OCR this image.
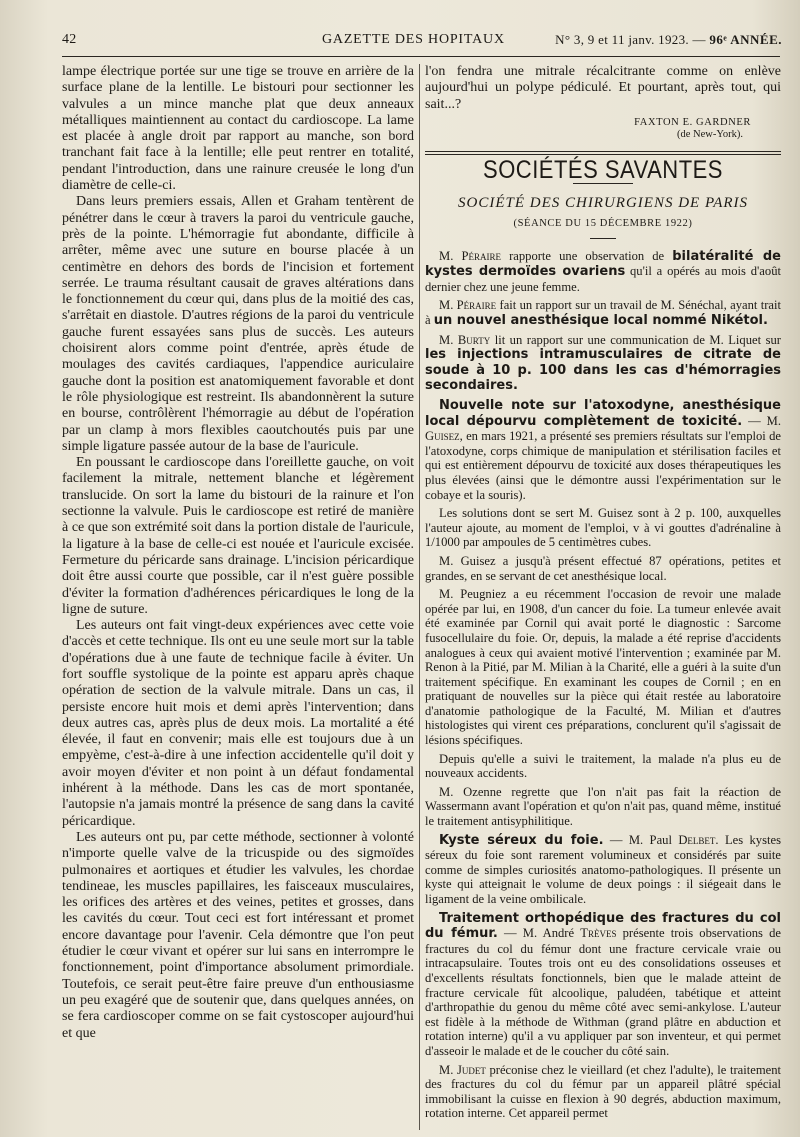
42	GAZETTE DES HOPITAUX	N° 3, 9 et 11 janv. 1923. — 96ᵉ ANNÉE.

lampe électrique portée sur une tige se trouve en arrière de la surface plane de la lentille. Le bistouri pour sectionner les valvules a un mince manche plat que deux anneaux métalliques maintiennent au contact du cardioscope. La lame est placée à angle droit par rapport au manche, son bord tranchant fait face à la lentille; elle peut rentrer en totalité, pendant l'introduction, dans une rainure creusée le long d'un diamètre de celle-ci.

Dans leurs premiers essais, Allen et Graham tentèrent de pénétrer dans le cœur à travers la paroi du ventricule gauche, près de la pointe. L'hémorragie fut abondante, difficile à arrêter, même avec une suture en bourse placée à un centimètre en dehors des bords de l'incision et fortement serrée. Le trauma résultant causait de graves altérations dans le fonctionnement du cœur qui, dans plus de la moitié des cas, s'arrêtait en diastole. D'autres régions de la paroi du ventricule gauche furent essayées sans plus de succès. Les auteurs choisirent alors comme point d'entrée, après étude de moulages des cavités cardiaques, l'appendice auriculaire gauche dont la position est anatomiquement favorable et dont le rôle physiologique est restreint. Ils abandonnèrent la suture en bourse, contrôlèrent l'hémorragie au début de l'opération par un clamp à mors flexibles caoutchoutés puis par une simple ligature passée autour de la base de l'auricule.

En poussant le cardioscope dans l'oreillette gauche, on voit facilement la mitrale, nettement blanche et légèrement translucide. On sort la lame du bistouri de la rainure et l'on sectionne la valvule. Puis le cardioscope est retiré de manière à ce que son extrémité soit dans la portion distale de l'auricule, la ligature à la base de celle-ci est nouée et l'auricule excisée. Fermeture du péricarde sans drainage. L'incision péricardique doit être aussi courte que possible, car il n'est guère possible d'éviter la formation d'adhérences péricardiques le long de la ligne de suture.

Les auteurs ont fait vingt-deux expériences avec cette voie d'accès et cette technique. Ils ont eu une seule mort sur la table d'opérations due à une faute de technique facile à éviter. Un fort souffle systolique de la pointe est apparu après chaque opération de section de la valvule mitrale. Dans un cas, il persiste encore huit mois et demi après l'intervention; dans deux autres cas, après plus de deux mois. La mortalité a été élevée, il faut en convenir; mais elle est toujours due à un empyème, c'est-à-dire à une infection accidentelle qu'il doit y avoir moyen d'éviter et non point à un défaut fondamental inhérent à la méthode. Dans les cas de mort spontanée, l'autopsie n'a jamais montré la présence de sang dans la cavité péricardique.

Les auteurs ont pu, par cette méthode, sectionner à volonté n'importe quelle valve de la tricuspide ou des sigmoïdes pulmonaires et aortiques et étudier les valvules, les chordae tendineae, les muscles papillaires, les faisceaux musculaires, les orifices des artères et des veines, petites et grosses, dans les cavités du cœur. Tout ceci est fort intéressant et promet encore davantage pour l'avenir. Cela démontre que l'on peut étudier le cœur vivant et opérer sur lui sans en interrompre le fonctionnement, point d'importance absolument primordiale. Toutefois, ce serait peut-être faire preuve d'un enthousiasme un peu exagéré que de soutenir que, dans quelques années, on se fera cardioscoper comme on se fait cystoscoper aujourd'hui et que

l'on fendra une mitrale récalcitrante comme on enlève aujourd'hui un polype pédiculé. Et pourtant, après tout, qui sait...?

FAXTON E. GARDNER
(de New-York).
SOCIÉTÉS SAVANTES
SOCIÉTÉ DES CHIRURGIENS DE PARIS
(SÉANCE DU 15 DÉCEMBRE 1922)

M. Péraire rapporte une observation de bilatéralité de kystes dermoïdes ovariens qu'il a opérés au mois d'août dernier chez une jeune femme.

M. Péraire fait un rapport sur un travail de M. Sénéchal, ayant trait à un nouvel anesthésique local nommé Nikétol.

M. Burty lit un rapport sur une communication de M. Liquet sur les injections intramusculaires de citrate de soude à 10 p. 100 dans les cas d'hémorragies secondaires.

Nouvelle note sur l'atoxodyne, anesthésique local dépourvu complètement de toxicité. — M. Guisez, en mars 1921, a présenté ses premiers résultats sur l'emploi de l'atoxodyne, corps chimique de manipulation et stérilisation faciles et qui est entièrement dépourvu de toxicité aux doses thérapeutiques les plus élevées (ainsi que le démontre aussi l'expérimentation sur le cobaye et la souris).

Les solutions dont se sert M. Guisez sont à 2 p. 100, auxquelles l'auteur ajoute, au moment de l'emploi, v à vi gouttes d'adrénaline à 1/1000 par ampoules de 5 centimètres cubes.

M. Guisez a jusqu'à présent effectué 87 opérations, petites et grandes, en se servant de cet anesthésique local.

M. Peugniez a eu récemment l'occasion de revoir une malade opérée par lui, en 1908, d'un cancer du foie. La tumeur enlevée avait été examinée par Cornil qui avait porté le diagnostic : Sarcome fusocellulaire du foie. Or, depuis, la malade a été reprise d'accidents analogues à ceux qui avaient motivé l'intervention ; examinée par M. Renon à la Pitié, par M. Milian à la Charité, elle a guéri à la suite d'un traitement spécifique. En examinant les coupes de Cornil ; en en pratiquant de nouvelles sur la pièce qui était restée au laboratoire d'anatomie pathologique de la Faculté, M. Milian et d'autres histologistes qui virent ces préparations, conclurent qu'il s'agissait de lésions spécifiques.

Depuis qu'elle a suivi le traitement, la malade n'a plus eu de nouveaux accidents.

M. Ozenne regrette que l'on n'ait pas fait la réaction de Wassermann avant l'opération et qu'on n'ait pas, quand même, institué le traitement antisyphilitique.

Kyste séreux du foie. — M. Paul Delbet. Les kystes séreux du foie sont rarement volumineux et considérés par suite comme de simples curiosités anatomo-pathologiques. Il présente un kyste qui atteignait le volume de deux poings : il siégeait dans le ligament de la veine ombilicale.

Traitement orthopédique des fractures du col du fémur. — M. André Trèves présente trois observations de fractures du col du fémur dont une fracture cervicale vraie ou intracapsulaire. Toutes trois ont eu des consolidations osseuses et d'excellents résultats fonctionnels, bien que le malade atteint de fracture cervicale fût alcoolique, paludéen, tabétique et atteint d'arthropathie du genou du même côté avec semi-ankylose. L'auteur est fidèle à la méthode de Withman (grand plâtre en abduction et rotation interne) qu'il a vu appliquer par son inventeur, et qui permet d'asseoir le malade et de le coucher du côté sain.

M. Judet préconise chez le vieillard (et chez l'adulte), le traitement des fractures du col du fémur par un appareil plâtré spécial immobilisant la cuisse en flexion à 90 degrés, abduction maximum, rotation interne. Cet appareil permet
